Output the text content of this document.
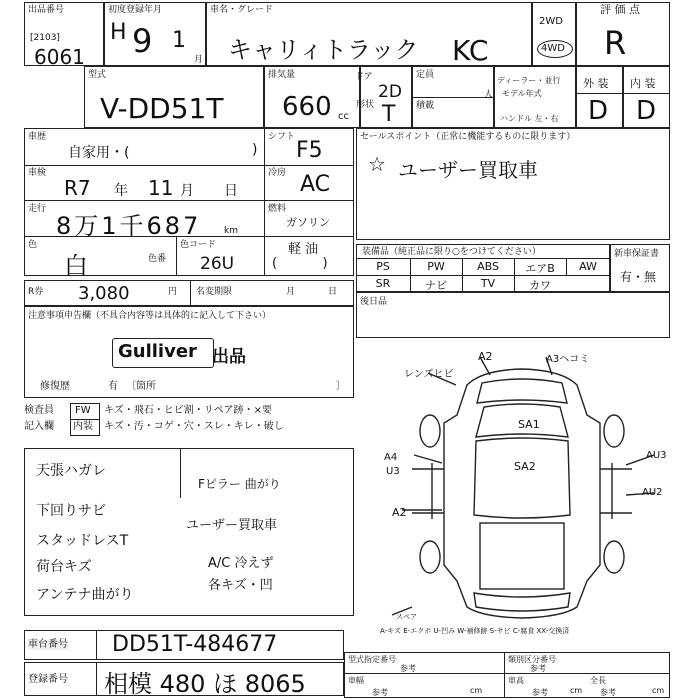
出品番号
[2103]
6061
初度登録年月
H 9 1
月
車名・グレード
キャリィトラック KC
2WD
4WD
評 価 点
R
型式
V-DD51T
排気量
660 cc
ドア
2D
形状 T
定員
人
積載
ディーラー・並行
モデル年式
ハンドル 左・右
外 装 内 装
D D
車歴
自家用・(	)
シフト
F5
車検
R7 年 11 月 日
冷房 AC
走行
8万1千687	km
燃料
ガソリン
軽 油
色
白	色番
色コード
26U	(           )
R券 3,080	円 名変期限	月	日
注意事項申告欄（不具合内容等は具体的に記入して下さい）
Gulliver 出品
修復歴	有 〔箇所	〕
検査員
記入欄
FW キズ・飛石・ヒビ割・リペア跡・×要
内装 キズ・汚・コゲ・穴・スレ・キレ・破し
天張ハガレ
下回りサビ
スタッドレスT
荷台キズ
アンテナ曲がり
Fピラー 曲がり
ユーザー買取車
A/C 冷えず
各キズ・凹
セールスポイント（正常に機能するものに限ります）
☆ ユーザー買取車
装備品（純正品に限り○をつけてください）
PS	PW	ABS	エアB	AW
SR	ナビ	TV	カワ
新車保証書
有・無
後日品
レンズヒビ
A2	A3ヘコミ
SA1
SA2
A4
U3
AU3
A2
AU2
スペア
A-キズ E-エクボ U-凹み W-補修跡 S-サビ C-腐食 XX-交換済
車台番号 DD51T-484677
登録番号 相模 480 ほ 8065
型式指定番号
参考
類別区分番号
参考
車幅
参考	cm
車高
参考	cm
全長
参考	cm
